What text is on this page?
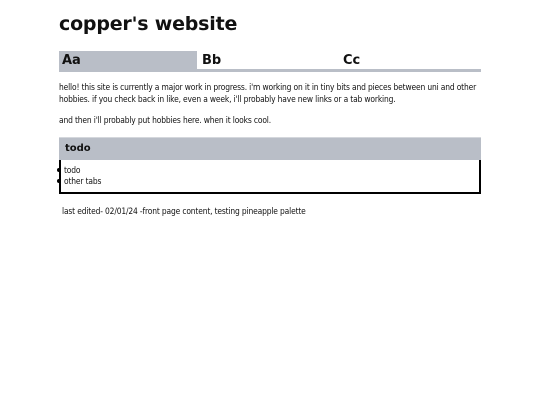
copper's website
Aa	Bb	Cc

hello! this site is currently a major work in progress. i'm working on it in tiny bits and pieces between uni and other hobbies. if you check back in like, even a week, i'll probably have new links or a tab working.

and then i'll probably put hobbies here. when it looks cool.

todo
todo
other tabs

last edited- 02/01/24 -front page content, testing pineapple palette
